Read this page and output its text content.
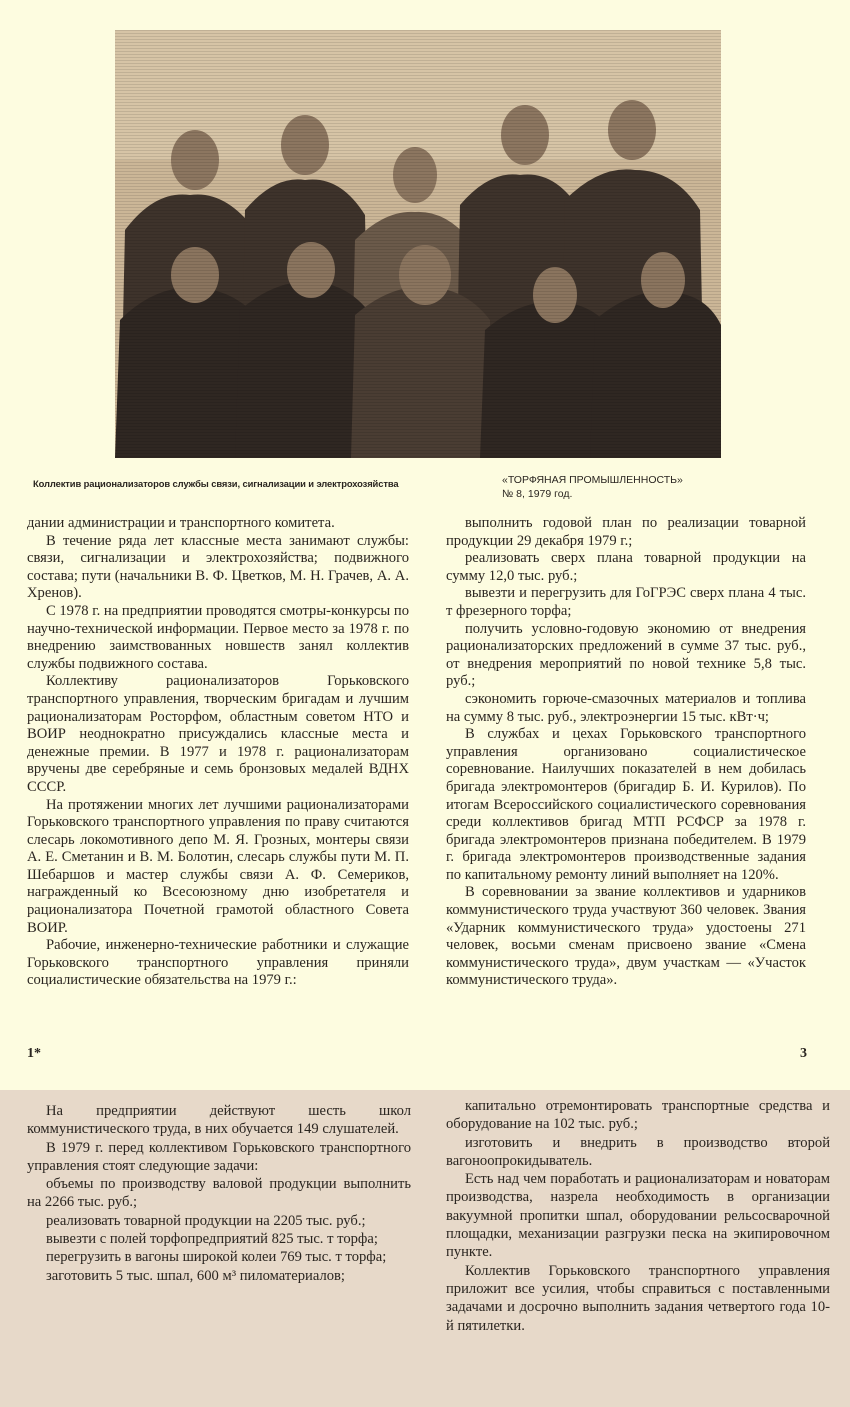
Коллектив рационализаторов службы связи, сигнализации и электрохозяйства	«ТОРФЯНАЯ ПРОМЫШЛЕННОСТЬ»
№ 8, 1979 год.

дании администрации и транспортного комитета.

В течение ряда лет классные места занимают службы: связи, сигнализации и электрохозяйства; подвижного состава; пути (начальники В. Ф. Цветков, М. Н. Грачев, А. А. Хренов).

С 1978 г. на предприятии проводятся смотры-конкурсы по научно-технической информации. Первое место за 1978 г. по внедрению заимствованных новшеств занял коллектив службы подвижного состава.

Коллективу рационализаторов Горьковского транспортного управления, творческим бригадам и лучшим рационализаторам Росторфом, областным советом НТО и ВОИР неоднократно присуждались классные места и денежные премии. В 1977 и 1978 г. рационализаторам вручены две серебряные и семь бронзовых медалей ВДНХ СССР.

На протяжении многих лет лучшими рационализаторами Горьковского транспортного управления по праву считаются слесарь локомотивного депо М. Я. Грозных, монтеры связи А. Е. Сметанин и В. М. Болотин, слесарь службы пути М. П. Шебаршов и мастер службы связи А. Ф. Семериков, награжденный ко Всесоюзному дню изобретателя и рационализатора Почетной грамотой областного Совета ВОИР.

Рабочие, инженерно-технические работники и служащие Горьковского транспортного управления приняли социалистические обязательства на 1979 г.:

выполнить годовой план по реализации товарной продукции 29 декабря 1979 г.;

реализовать сверх плана товарной продукции на сумму 12,0 тыс. руб.;

вывезти и перегрузить для ГоГРЭС сверх плана 4 тыс. т фрезерного торфа;

получить условно-годовую экономию от внедрения рационализаторских предложений в сумме 37 тыс. руб., от внедрения мероприятий по новой технике 5,8 тыс. руб.;

сэкономить горюче-смазочных материалов и топлива на сумму 8 тыс. руб., электроэнергии 15 тыс. кВт·ч;

В службах и цехах Горьковского транспортного управления организовано социалистическое соревнование. Наилучших показателей в нем добилась бригада электромонтеров (бригадир Б. И. Курилов). По итогам Всероссийского социалистического соревнования среди коллективов бригад МТП РСФСР за 1978 г. бригада электромонтеров признана победителем. В 1979 г. бригада электромонтеров производственные задания по капитальному ремонту линий выполняет на 120%.

В соревновании за звание коллективов и ударников коммунистического труда участвуют 360 человек. Звания «Ударник коммунистического труда» удостоены 271 человек, восьми сменам присвоено звание «Смена коммунистического труда», двум участкам — «Участок коммунистического труда».

1*	3

На предприятии действуют шесть школ коммунистического труда, в них обучается 149 слушателей.

В 1979 г. перед коллективом Горьковского транспортного управления стоят следующие задачи:

объемы по производству валовой продукции выполнить на 2266 тыс. руб.;

реализовать товарной продукции на 2205 тыс. руб.;

вывезти с полей торфопредприятий 825 тыс. т торфа;

перегрузить в вагоны широкой колеи 769 тыс. т торфа;

заготовить 5 тыс. шпал, 600 м³ пиломатериалов;

капитально отремонтировать транспортные средства и оборудование на 102 тыс. руб.;

изготовить и внедрить в производство второй вагоноопрокидыватель.

Есть над чем поработать и рационализаторам и новаторам производства, назрела необходимость в организации вакуумной пропитки шпал, оборудовании рельсосварочной площадки, механизации разгрузки песка на экипировочном пункте.

Коллектив Горьковского транспортного управления приложит все усилия, чтобы справиться с поставленными задачами и досрочно выполнить задания четвертого года 10-й пятилетки.
